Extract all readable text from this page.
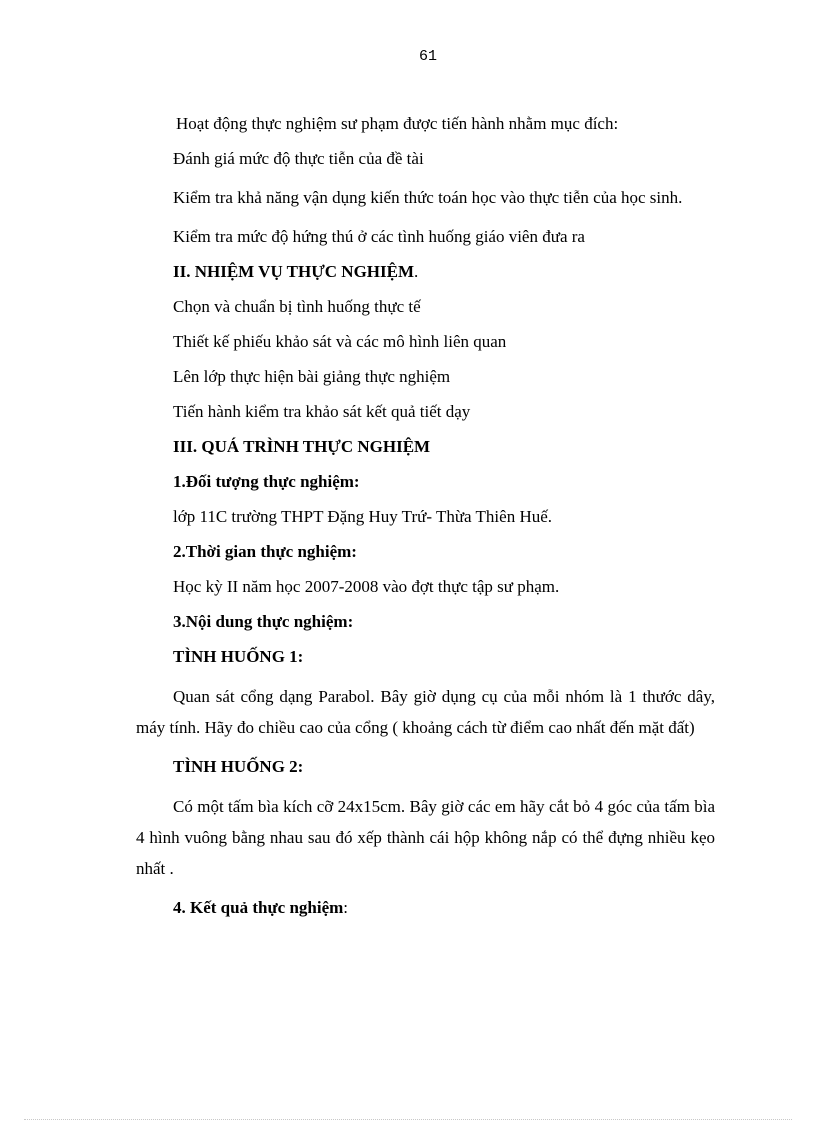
61
Hoạt động thực nghiệm sư phạm được tiến hành nhằm mục đích:
Đánh giá mức độ thực tiễn của đề tài

Kiểm tra khả năng vận dụng kiến thức toán học vào thực tiễn của học sinh.

Kiểm tra mức độ hứng thú ở các tình huống giáo viên đưa ra
II. NHIỆM VỤ THỰC NGHIỆM.
Chọn và chuẩn bị tình huống thực tế
Thiết kế phiếu khảo sát và các mô hình liên quan
Lên lớp thực hiện bài giảng thực nghiệm
Tiến hành kiểm tra khảo sát kết quả tiết dạy
III. QUÁ TRÌNH THỰC NGHIỆM
1.Đối tượng thực nghiệm:
lớp 11C trường THPT Đặng Huy Trứ- Thừa Thiên Huế.
2.Thời gian thực nghiệm:
Học kỳ II năm học 2007-2008 vào đợt thực tập sư phạm.
3.Nội dung thực nghiệm:
TÌNH HUỐNG 1:

Quan sát cổng dạng Parabol. Bây giờ dụng cụ của mỗi nhóm là 1 thước dây, máy tính. Hãy đo chiều cao của cổng ( khoảng cách từ điểm cao nhất đến mặt đất)

TÌNH HUỐNG 2:

Có một tấm bìa kích cỡ 24x15cm. Bây giờ các em hãy cắt bỏ 4 góc của tấm bìa 4 hình vuông bằng nhau sau đó xếp thành cái hộp không nắp có thể đựng nhiều kẹo nhất .

4. Kết quả thực nghiệm:
